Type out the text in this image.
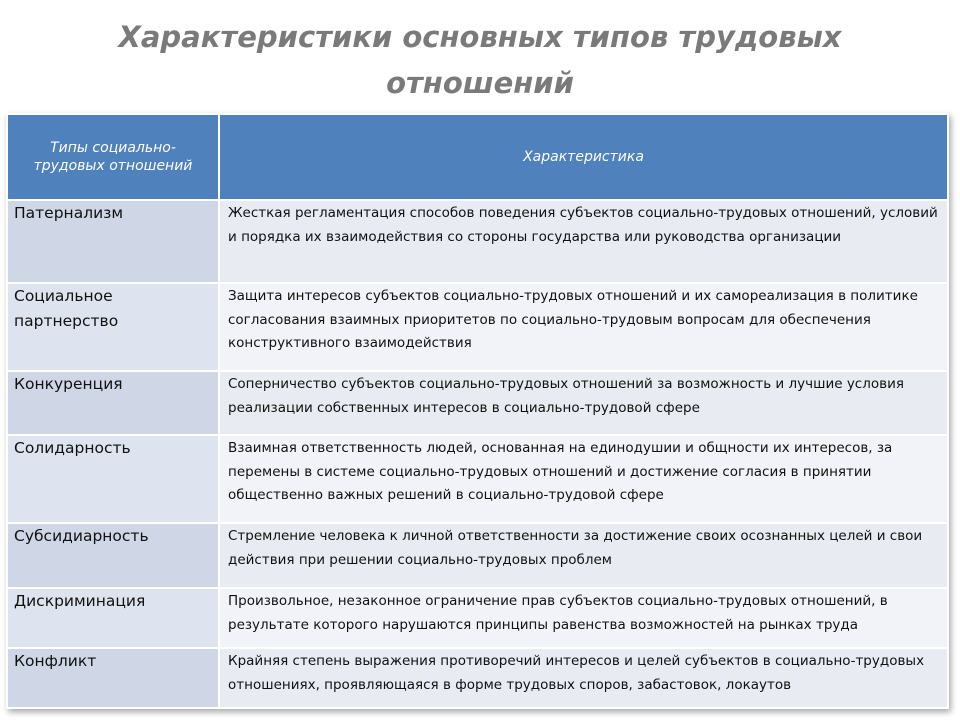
Характеристики основных типов трудовых отношений
Типы социально-трудовых отношений	Характеристика
Патернализм	Жесткая регламентация способов поведения субъектов социально-трудовых отношений, условий и порядка их взаимодействия со стороны государства или руководства организации
Социальное партнерство	Защита интересов субъектов социально-трудовых отношений и их самореализация в политике согласования взаимных приоритетов по социально-трудовым вопросам для обеспечения конструктивного взаимодействия
Конкуренция	Соперничество субъектов социально-трудовых отношений за возможность и лучшие условия реализации собственных интересов в социально-трудовой сфере
Солидарность	Взаимная ответственность людей, основанная на единодушии и общности их интересов, за перемены в системе социально-трудовых отношений и достижение согласия в принятии общественно важных решений в социально-трудовой сфере
Субсидиарность	Стремление человека к личной ответственности за достижение своих осознанных целей и свои действия при решении социально-трудовых проблем
Дискриминация	Произвольное, незаконное ограничение прав субъектов социально-трудовых отношений, в результате которого нарушаются принципы равенства возможностей на рынках труда
Конфликт	Крайняя степень выражения противоречий интересов и целей субъектов в социально-трудовых отношениях, проявляющаяся в форме трудовых споров, забастовок, локаутов
